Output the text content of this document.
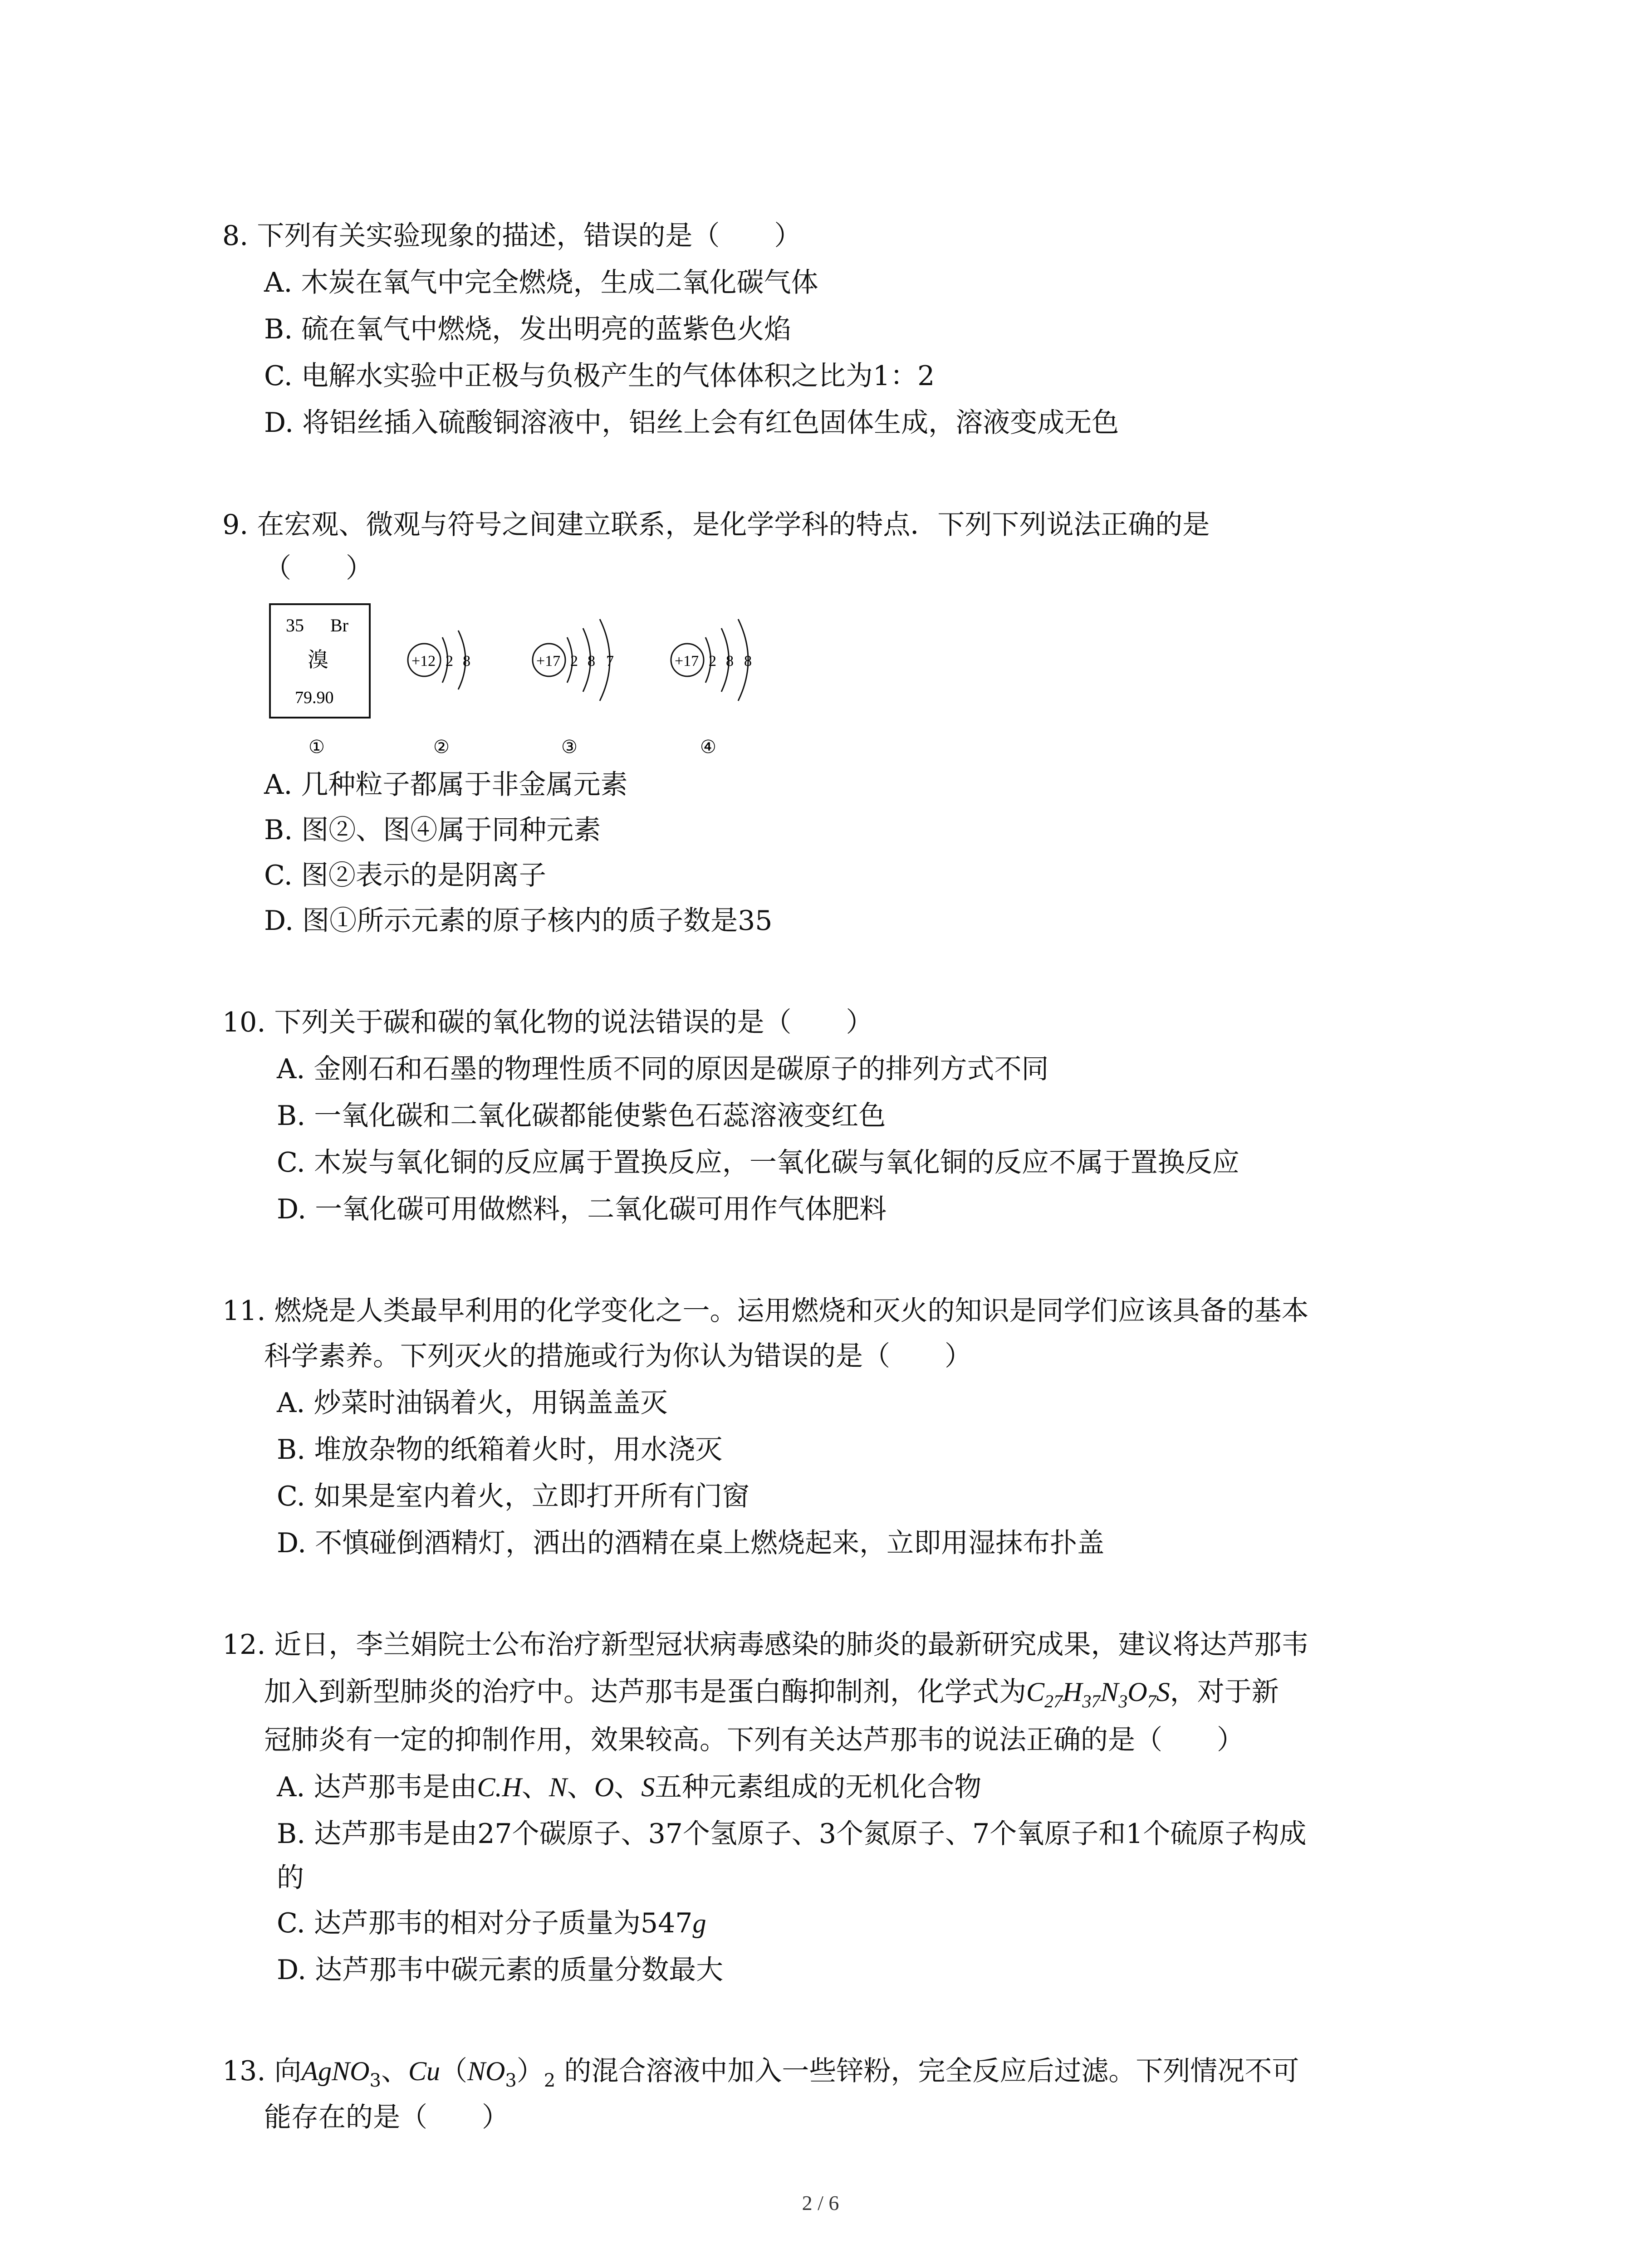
8. 下列有关实验现象的描述，错误的是（　　）
A. 木炭在氧气中完全燃烧，生成二氧化碳气体
B. 硫在氧气中燃烧，发出明亮的蓝紫色火焰
C. 电解水实验中正极与负极产生的气体体积之比为1：2
D. 将铝丝插入硫酸铜溶液中，铝丝上会有红色固体生成，溶液变成无色
9. 在宏观、微观与符号之间建立联系，是化学学科的特点．下列下列说法正确的是
（　　）
35 Br
溴
79.90
+12 2 8	+17 2 8 7	+17 2 8 8
①	②	③	④
A. 几种粒子都属于非金属元素
B. 图②、图④属于同种元素
C. 图②表示的是阴离子
D. 图①所示元素的原子核内的质子数是35
10. 下列关于碳和碳的氧化物的说法错误的是（　　）
A. 金刚石和石墨的物理性质不同的原因是碳原子的排列方式不同
B. 一氧化碳和二氧化碳都能使紫色石蕊溶液变红色
C. 木炭与氧化铜的反应属于置换反应，一氧化碳与氧化铜的反应不属于置换反应
D. 一氧化碳可用做燃料，二氧化碳可用作气体肥料
11. 燃烧是人类最早利用的化学变化之一。运用燃烧和灭火的知识是同学们应该具备的基本
科学素养。下列灭火的措施或行为你认为错误的是（　　）
A. 炒菜时油锅着火，用锅盖盖灭
B. 堆放杂物的纸箱着火时，用水浇灭
C. 如果是室内着火，立即打开所有门窗
D. 不慎碰倒酒精灯，洒出的酒精在桌上燃烧起来，立即用湿抹布扑盖
12. 近日，李兰娟院士公布治疗新型冠状病毒感染的肺炎的最新研究成果，建议将达芦那韦
加入到新型肺炎的治疗中。达芦那韦是蛋白酶抑制剂，化学式为$C_{27}H_{37}N_3O_7S$，对于新
冠肺炎有一定的抑制作用，效果较高。下列有关达芦那韦的说法正确的是（　　）
A. 达芦那韦是由C.H、N、O、S五种元素组成的无机化合物
B. 达芦那韦是由27个碳原子、37个氢原子、3个氮原子、7个氧原子和1个硫原子构成
的
C. 达芦那韦的相对分子质量为547g
D. 达芦那韦中碳元素的质量分数最大
13. 向AgNO$_3$、$Cu(NO_3)_2$ 的混合溶液中加入一些锌粉，完全反应后过滤。下列情况不可
能存在的是（　　）
2 / 6
